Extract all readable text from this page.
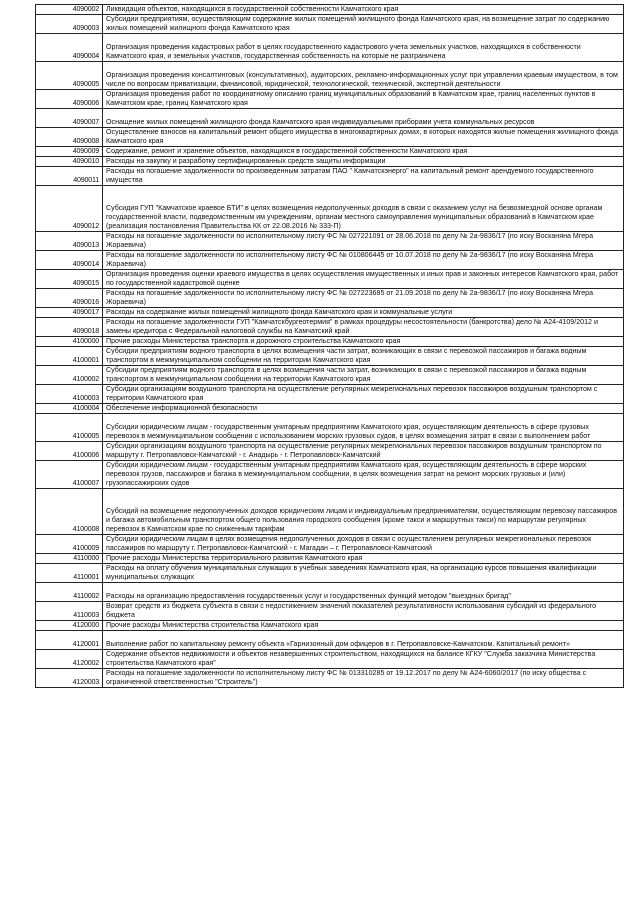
4090002	Ликвидация объектов, находящихся в государственной собственности Камчатского края
4090003	Субсидии предприятиям, осуществляющим содержание жилых помещений жилищного фонда Камчатского края, на возмещение затрат по содержанию жилых помещений жилищного фонда Камчатского края
4090004	Организация проведения кадастровых работ в целях государственного кадастрового учета земельных участков, находящихся в собственности Камчатского края, и земельных участков, государственная собственность на которые не разграничена
4090005	Организация проведения консалтинговых (консультативных), аудиторских, рекламно-информационных услуг при управлении краевым имуществом, в том числе по вопросам приватизации, финансовой, юридической, технологической, технической, экспертной деятельности
4090006	Организация проведения работ по координатному описанию границ муниципальных образований в Камчатском крае, границ населенных пунктов в Камчатском крае, границ Камчатского края
4090007	Оснащение жилых помещений жилищного фонда Камчатского края индивидуальными приборами учета коммунальных ресурсов
4090008	Осуществление взносов на капитальный ремонт общего имущества в многоквартирных домах, в которых находятся жилые помещения жилищного фонда Камчатского края
4090009	Содержание, ремонт и хранение объектов, находящихся в государственной собственности Камчатского края
4090010	Расходы на закупку и разработку сертифицированных средств защиты информации
4090011	Расходы на погашение задолженности по произведенным затратам ПАО " Камчатскэнерго" на капитальный ремонт арендуемого государственного имущества
4090012	Субсидия ГУП "Камчатское краевое БТИ" в целях возмещения недополученных доходов в связи с оказанием услуг на безвозмездной основе органам государственной власти, подведомственным им учреждениям, органам местного самоуправления муниципальных образований в Камчатском крае (реализация постановления Правительства КК от 22.08.2016 № 333-П)
4090013	Расходы на погашение задолженности по исполнительному листу ФС № 027221091 от 28.06.2018 по делу № 2а-9836/17 (по иску Восканяна Мгера Жораевича)
4090014	Расходы на погашение задолженности по исполнительному листу ФС № 010806445 от 10.07.2018 по делу № 2а-9836/17 (по иску Восканяна Мгера Жораевича)
4090015	Организация проведения оценки краевого имущества в целях осуществления имущественных и иных прав и законных интересов Камчатского края, работ по государственной кадастровой оценке
4090016	Расходы на погашение задолженности по исполнительному листу ФС № 027223685 от 21.09.2018 по делу № 2а-9836/17 (по иску Восканяна Мгера Жораевича)
4090017	Расходы на содержание жилых помещений жилищного фонда Камчатского края и коммунальные услуги
4090018	Расходы на погашение задолженности ГУП "Камчатскбургеотермия" в рамках процедуры несостоятельности (банкротства) дело № А24-4109/2012 и замены кредитора с Федеральной налоговой службы на Камчатский край
4100000	Прочие расходы Министерства транспорта и дорожного строительства Камчатского края
4100001	Субсидии предприятиям водного транспорта в целях возмещения части затрат, возникающих в связи с перевозкой пассажиров и багажа водным транспортом в межмуниципальном сообщении на территории Камчатского края
4100002	Субсидии предприятиям водного транспорта в целях возмещения части затрат, возникающих в связи с перевозкой пассажиров и багажа водным транспортом в межмуниципальном сообщении на территории Камчатского края
4100003	Субсидии организациям воздушного транспорта на осуществление регулярных межрегиональных перевозок пассажиров воздушным транспортом с территории Камчатского края
4100004	Обеспечение информационной безопасности
4100005	Субсидии юридическим лицам - государственным унитарным предприятиям Камчатского края, осуществляющим деятельность в сфере грузовых перевозок в межмуниципальном сообщении с использованием морских грузовых судов, в целях возмещения затрат в связи с выполнением работ
4100006	Субсидии организациям воздушного транспорта на осуществление регулярных межрегиональных перевозок пассажиров воздушным транспортом по маршруту г. Петропавловск-Камчатский - г. Анадырь - г. Петропавловск-Камчатский
4100007	Субсидии юридическим лицам - государственным унитарным предприятиям Камчатского края, осуществляющим деятельность в сфере морских перевозок грузов, пассажиров и багажа в межмуниципальном сообщении, в целях возмещения затрат на ремонт морских грузовых и (или) грузопассажирских судов
4100008	Субсидий на возмещение недополученных доходов юридическим лицам и индивидуальным предпринимателям, осуществляющим перевозку пассажиров и багажа автомобильным транспортом общего пользования городского сообщения (кроме такси и маршрутных такси) по маршрутам регулярных перевозок в Камчатском крае по сниженным тарифам
4100009	Субсидии юридическим лицам в целях возмещения недополученных доходов в связи с осуществлением регулярных межрегиональных перевозок пассажиров по маршруту г. Петропавловск-Камчатский - г. Магадан – г. Петропавловск-Камчатский
4110000	Прочие расходы Министерства территориального развития Камчатского края
4110001	Расходы на оплату обучения муниципальных служащих в учебных заведениях Камчатского края, на организацию курсов повышения квалификации муниципальных служащих
4110002	Расходы на организацию предоставления государственных услуг и государственных функций методом "выездных бригад"
4110003	Возврат средств из бюджета субъекта в связи с недостижением значений показателей результативности использования субсидий из федерального бюджета
4120000	Прочие расходы Министерства строительства Камчатского края
4120001	Выполнение работ по капитальному ремонту объекта «Гарнизонный дом офицеров в г. Петропавловске-Камчатском. Капитальный ремонт»
4120002	Содержание объектов недвижимости и объектов незавершенных строительством, находящихся на балансе КГКУ "Служба заказчика Министерства строительства Камчатского края"
4120003	Расходы на погашение задолженности по исполнительному листу ФС № 013310285 от 19.12.2017 по делу № А24-6060/2017 (по иску общества с ограниченной ответственностью "Строитель")
